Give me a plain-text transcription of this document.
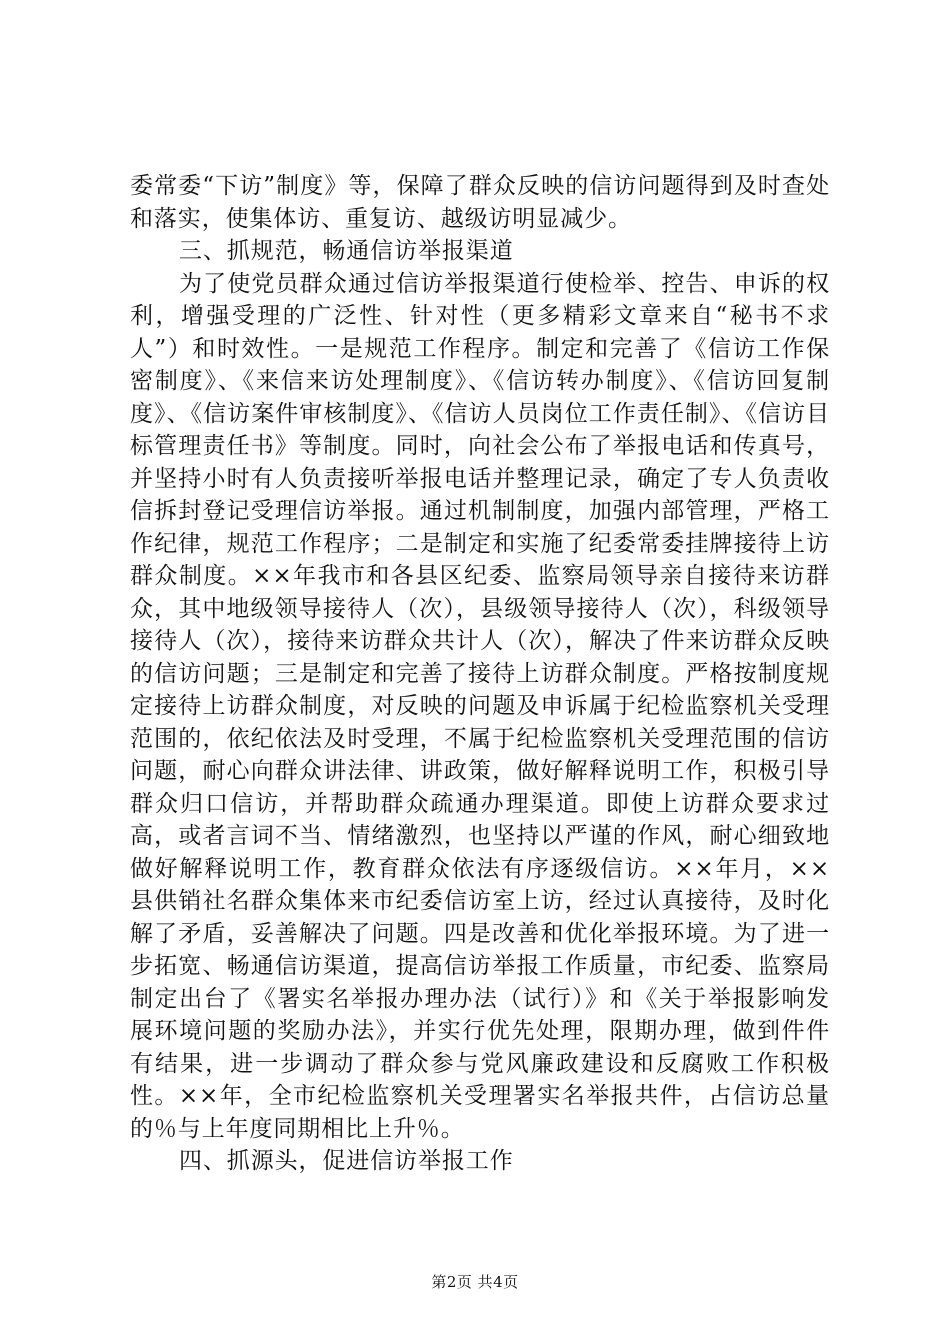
委常委“下访”制度》等，保障了群众反映的信访问题得到及时查处和落实，使集体访、重复访、越级访明显减少。

三、抓规范，畅通信访举报渠道

为了使党员群众通过信访举报渠道行使检举、控告、申诉的权利，增强受理的广泛性、针对性（更多精彩文章来自“秘书不求人”）和时效性。一是规范工作程序。制定和完善了《信访工作保密制度》、《来信来访处理制度》、《信访转办制度》、《信访回复制度》、《信访案件审核制度》、《信访人员岗位工作责任制》、《信访目标管理责任书》等制度。同时，向社会公布了举报电话和传真号，并坚持小时有人负责接听举报电话并整理记录，确定了专人负责收信拆封登记受理信访举报。通过机制制度，加强内部管理，严格工作纪律，规范工作程序；二是制定和实施了纪委常委挂牌接待上访群众制度。××年我市和各县区纪委、监察局领导亲自接待来访群众，其中地级领导接待人（次），县级领导接待人（次），科级领导接待人（次），接待来访群众共计人（次），解决了件来访群众反映的信访问题；三是制定和完善了接待上访群众制度。严格按制度规定接待上访群众制度，对反映的问题及申诉属于纪检监察机关受理范围的，依纪依法及时受理，不属于纪检监察机关受理范围的信访问题，耐心向群众讲法律、讲政策，做好解释说明工作，积极引导群众归口信访，并帮助群众疏通办理渠道。即使上访群众要求过高，或者言词不当、情绪激烈，也坚持以严谨的作风，耐心细致地做好解释说明工作，教育群众依法有序逐级信访。××年月，××县供销社名群众集体来市纪委信访室上访，经过认真接待，及时化解了矛盾，妥善解决了问题。四是改善和优化举报环境。为了进一步拓宽、畅通信访渠道，提高信访举报工作质量，市纪委、监察局制定出台了《署实名举报办理办法（试行）》和《关于举报影响发展环境问题的奖励办法》，并实行优先处理，限期办理，做到件件有结果，进一步调动了群众参与党风廉政建设和反腐败工作积极性。××年，全市纪检监察机关受理署实名举报共件，占信访总量的％与上年度同期相比上升％。

四、抓源头，促进信访举报工作

第2页 共4页
